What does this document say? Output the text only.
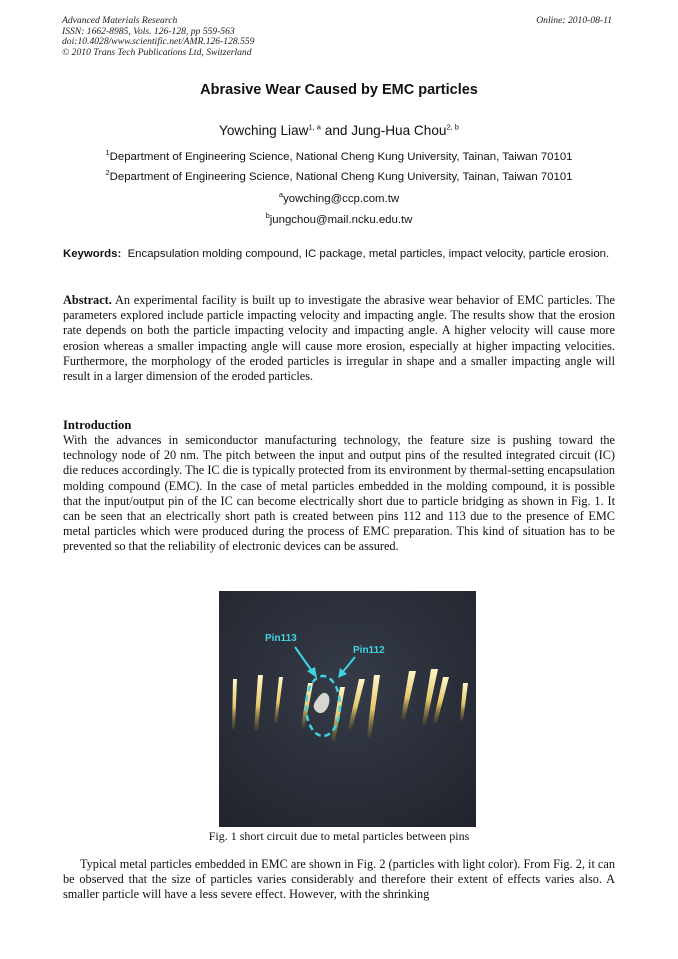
Advanced Materials Research
ISSN: 1662-8985, Vols. 126-128, pp 559-563
doi:10.4028/www.scientific.net/AMR.126-128.559
© 2010 Trans Tech Publications Ltd, Switzerland
Online: 2010-08-11
Abrasive Wear Caused by EMC particles
Yowching Liaw$^{1, a}$ and Jung-Hua Chou$^{2, b}$
$^1$Department of Engineering Science, National Cheng Kung University, Tainan, Taiwan 70101
$^2$Department of Engineering Science, National Cheng Kung University, Tainan, Taiwan 70101
$^a$yowching@ccp.com.tw
$^b$jungchou@mail.ncku.edu.tw
Keywords: Encapsulation molding compound, IC package, metal particles, impact velocity, particle erosion.
Abstract. An experimental facility is built up to investigate the abrasive wear behavior of EMC particles. The parameters explored include particle impacting velocity and impacting angle. The results show that the erosion rate depends on both the particle impacting velocity and impacting angle. A higher velocity will cause more erosion whereas a smaller impacting angle will cause more erosion, especially at higher impacting velocities. Furthermore, the morphology of the eroded particles is irregular in shape and a smaller impacting angle will result in a larger dimension of the eroded particles.
Introduction
With the advances in semiconductor manufacturing technology, the feature size is pushing toward the technology node of 20 nm. The pitch between the input and output pins of the resulted integrated circuit (IC) die reduces accordingly. The IC die is typically protected from its environment by thermal-setting encapsulation molding compound (EMC). In the case of metal particles embedded in the molding compound, it is possible that the input/output pin of the IC can become electrically short due to particle bridging as shown in Fig. 1. It can be seen that an electrically short path is created between pins 112 and 113 due to the presence of EMC metal particles which were produced during the process of EMC preparation. This kind of situation has to be prevented so that the reliability of electronic devices can be assured.
Pin113
Pin112
Fig. 1 short circuit due to metal particles between pins
Typical metal particles embedded in EMC are shown in Fig. 2 (particles with light color). From Fig. 2, it can be observed that the size of particles varies considerably and therefore their extent of effects varies also. A smaller particle will have a less severe effect. However, with the shrinking
